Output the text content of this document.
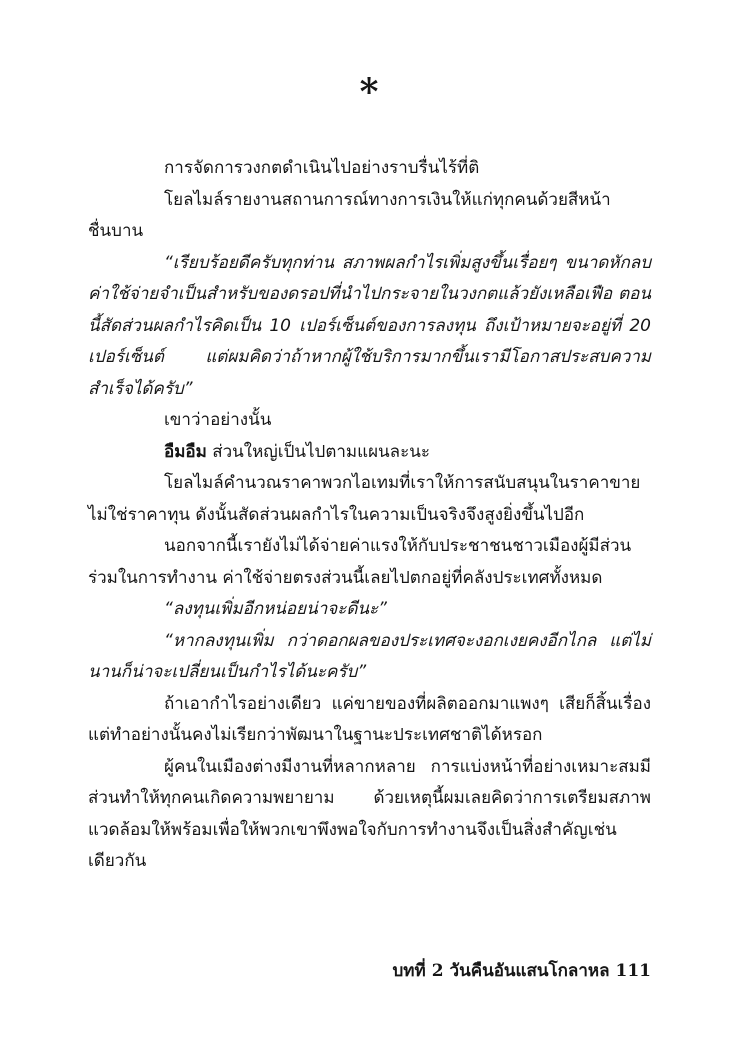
*

การจัดการวงกตดำเนินไปอย่างราบรื่นไร้ที่ติ

โยลไมล์รายงานสถานการณ์ทางการเงินให้แก่ทุกคนด้วยสีหน้าชื่นบาน

“เรียบร้อยดีครับทุกท่าน สภาพผลกำไรเพิ่มสูงขึ้นเรื่อยๆ ขนาดหักลบค่าใช้จ่ายจำเป็นสำหรับของดรอปที่นำไปกระจายในวงกตแล้วยังเหลือเฟือ ตอนนี้สัดส่วนผลกำไรคิดเป็น 10 เปอร์เซ็นต์ของการลงทุน ถึงเป้าหมายจะอยู่ที่ 20 เปอร์เซ็นต์ แต่ผมคิดว่าถ้าหากผู้ใช้บริการมากขึ้นเรามีโอกาสประสบความสำเร็จได้ครับ”

เขาว่าอย่างนั้น

อืมอืม ส่วนใหญ่เป็นไปตามแผนละนะ

โยลไมล์คำนวณราคาพวกไอเทมที่เราให้การสนับสนุนในราคาขายไม่ใช่ราคาทุน ดังนั้นสัดส่วนผลกำไรในความเป็นจริงจึงสูงยิ่งขึ้นไปอีก

นอกจากนี้เรายังไม่ได้จ่ายค่าแรงให้กับประชาชนชาวเมืองผู้มีส่วนร่วมในการทำงาน ค่าใช้จ่ายตรงส่วนนี้เลยไปตกอยู่ที่คลังประเทศทั้งหมด

“ลงทุนเพิ่มอีกหน่อยน่าจะดีนะ”

“หากลงทุนเพิ่ม กว่าดอกผลของประเทศจะงอกเงยคงอีกไกล แต่ไม่นานก็น่าจะเปลี่ยนเป็นกำไรได้นะครับ”

ถ้าเอากำไรอย่างเดียว แค่ขายของที่ผลิตออกมาแพงๆ เสียก็สิ้นเรื่อง แต่ทำอย่างนั้นคงไม่เรียกว่าพัฒนาในฐานะประเทศชาติได้หรอก

ผู้คนในเมืองต่างมีงานที่หลากหลาย การแบ่งหน้าที่อย่างเหมาะสมมีส่วนทำให้ทุกคนเกิดความพยายาม ด้วยเหตุนี้ผมเลยคิดว่าการเตรียมสภาพแวดล้อมให้พร้อมเพื่อให้พวกเขาพึงพอใจกับการทำงานจึงเป็นสิ่งสำคัญเช่นเดียวกัน

บทที่ 2 วันคืนอันแสนโกลาหล 111
